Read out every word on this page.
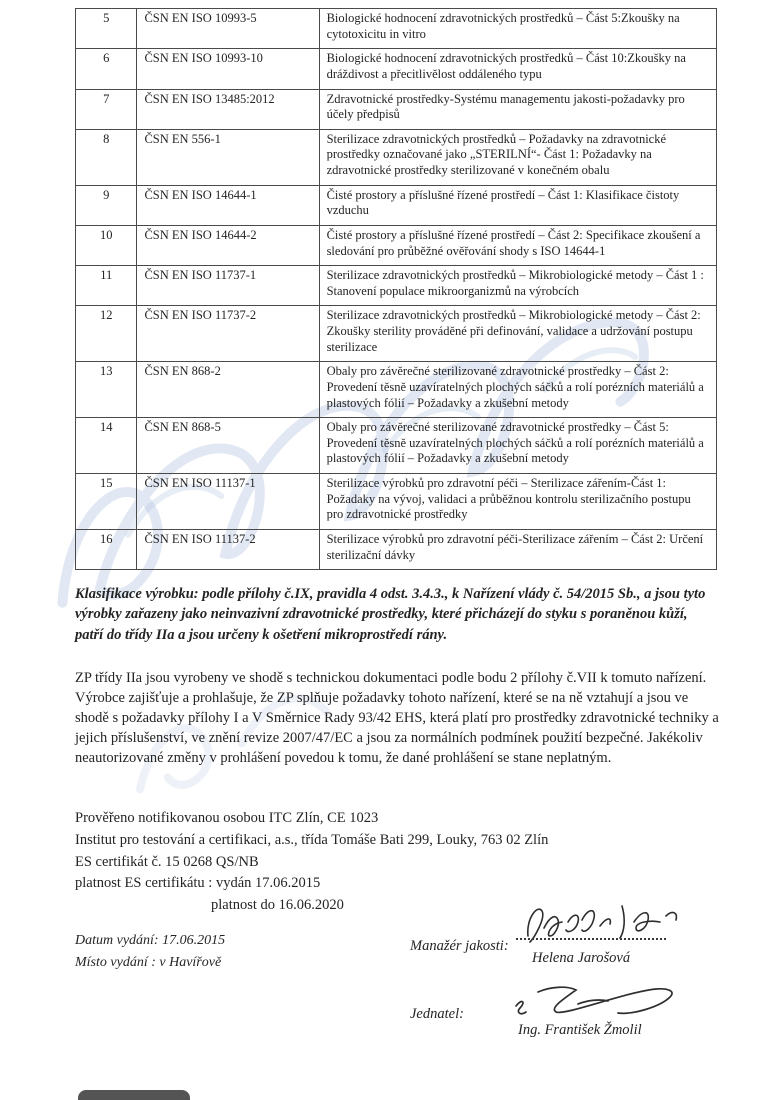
5	ČSN EN ISO 10993-5	Biologické hodnocení zdravotnických prostředků – Část 5:Zkoušky na cytotoxicitu in vitro
6	ČSN EN ISO 10993-10	Biologické hodnocení zdravotnických prostředků – Část 10:Zkoušky na dráždivost a přecitlivělost oddáleného typu
7	ČSN EN ISO 13485:2012	Zdravotnické prostředky-Systému managementu jakosti-požadavky pro účely předpisů
8	ČSN EN 556-1	Sterilizace zdravotnických prostředků – Požadavky na zdravotnické prostředky označované jako „STERILNÍ“- Část 1: Požadavky na zdravotnické prostředky sterilizované v konečném obalu
9	ČSN EN ISO 14644-1	Čisté prostory a příslušné řízené prostředí – Část 1: Klasifikace čistoty vzduchu
10	ČSN EN ISO 14644-2	Čisté prostory a příslušné řízené prostředí – Část 2: Specifikace zkoušení a sledování pro průběžné ověřování shody s ISO 14644-1
11	ČSN EN ISO 11737-1	Sterilizace zdravotnických prostředků – Mikrobiologické metody – Část 1 : Stanovení populace mikroorganizmů na výrobcích
12	ČSN EN ISO 11737-2	Sterilizace zdravotnických prostředků – Mikrobiologické metody – Část 2: Zkoušky sterility prováděné při definování, validace a udržování postupu sterilizace
13	ČSN EN 868-2	Obaly pro závěrečné sterilizované zdravotnické prostředky – Část 2: Provedení těsně uzavíratelných plochých sáčků a rolí porézních materiálů a plastových fólií – Požadavky a zkušební metody
14	ČSN EN 868-5	Obaly pro závěrečné sterilizované zdravotnické prostředky – Část 5: Provedení těsně uzavíratelných plochých sáčků a rolí porézních materiálů a plastových fólií – Požadavky a zkušební metody
15	ČSN EN ISO 11137-1	Sterilizace výrobků pro zdravotní péči – Sterilizace zářením-Část 1: Požadaky na vývoj, validaci a průběžnou kontrolu sterilizačního postupu pro zdravotnické prostředky
16	ČSN EN ISO 11137-2	Sterilizace výrobků pro zdravotní péči-Sterilizace zářením – Část 2: Určení sterilizační dávky

Klasifikace výrobku: podle přílohy č.IX, pravidla 4 odst. 3.4.3., k Nařízení vlády č. 54/2015 Sb., a jsou tyto výrobky zařazeny jako neinvazivní zdravotnické prostředky, které přicházejí do styku s poraněnou kůží, patří do třídy IIa a jsou určeny k ošetření mikroprostředí rány.

ZP třídy IIa jsou vyrobeny ve shodě s technickou dokumentaci podle bodu 2 přílohy č.VII k tomuto nařízení. Výrobce zajišťuje a prohlašuje, že ZP splňuje požadavky tohoto nařízení, které se na ně vztahují a jsou ve shodě s požadavky přílohy I a V Směrnice Rady 93/42 EHS, která platí pro prostředky zdravotnické techniky a jejich příslušenství, ve znění revize 2007/47/EC a jsou za normálních podmínek použití bezpečné. Jakékoliv neautorizované změny v prohlášení povedou k tomu, že dané prohlášení se stane neplatným.

Prověřeno notifikovanou osobou ITC Zlín, CE 1023
Institut pro testování a certifikaci, a.s., třída Tomáše Bati 299, Louky, 763 02 Zlín
ES certifikát č. 15 0268 QS/NB
platnost ES certifikátu : vydán 17.06.2015
platnost do 16.06.2020
Datum vydání: 17.06.2015
Místo vydání : v Havířově
Manažér jakosti:
Helena Jarošová
Jednatel:
Ing. František Žmolil
